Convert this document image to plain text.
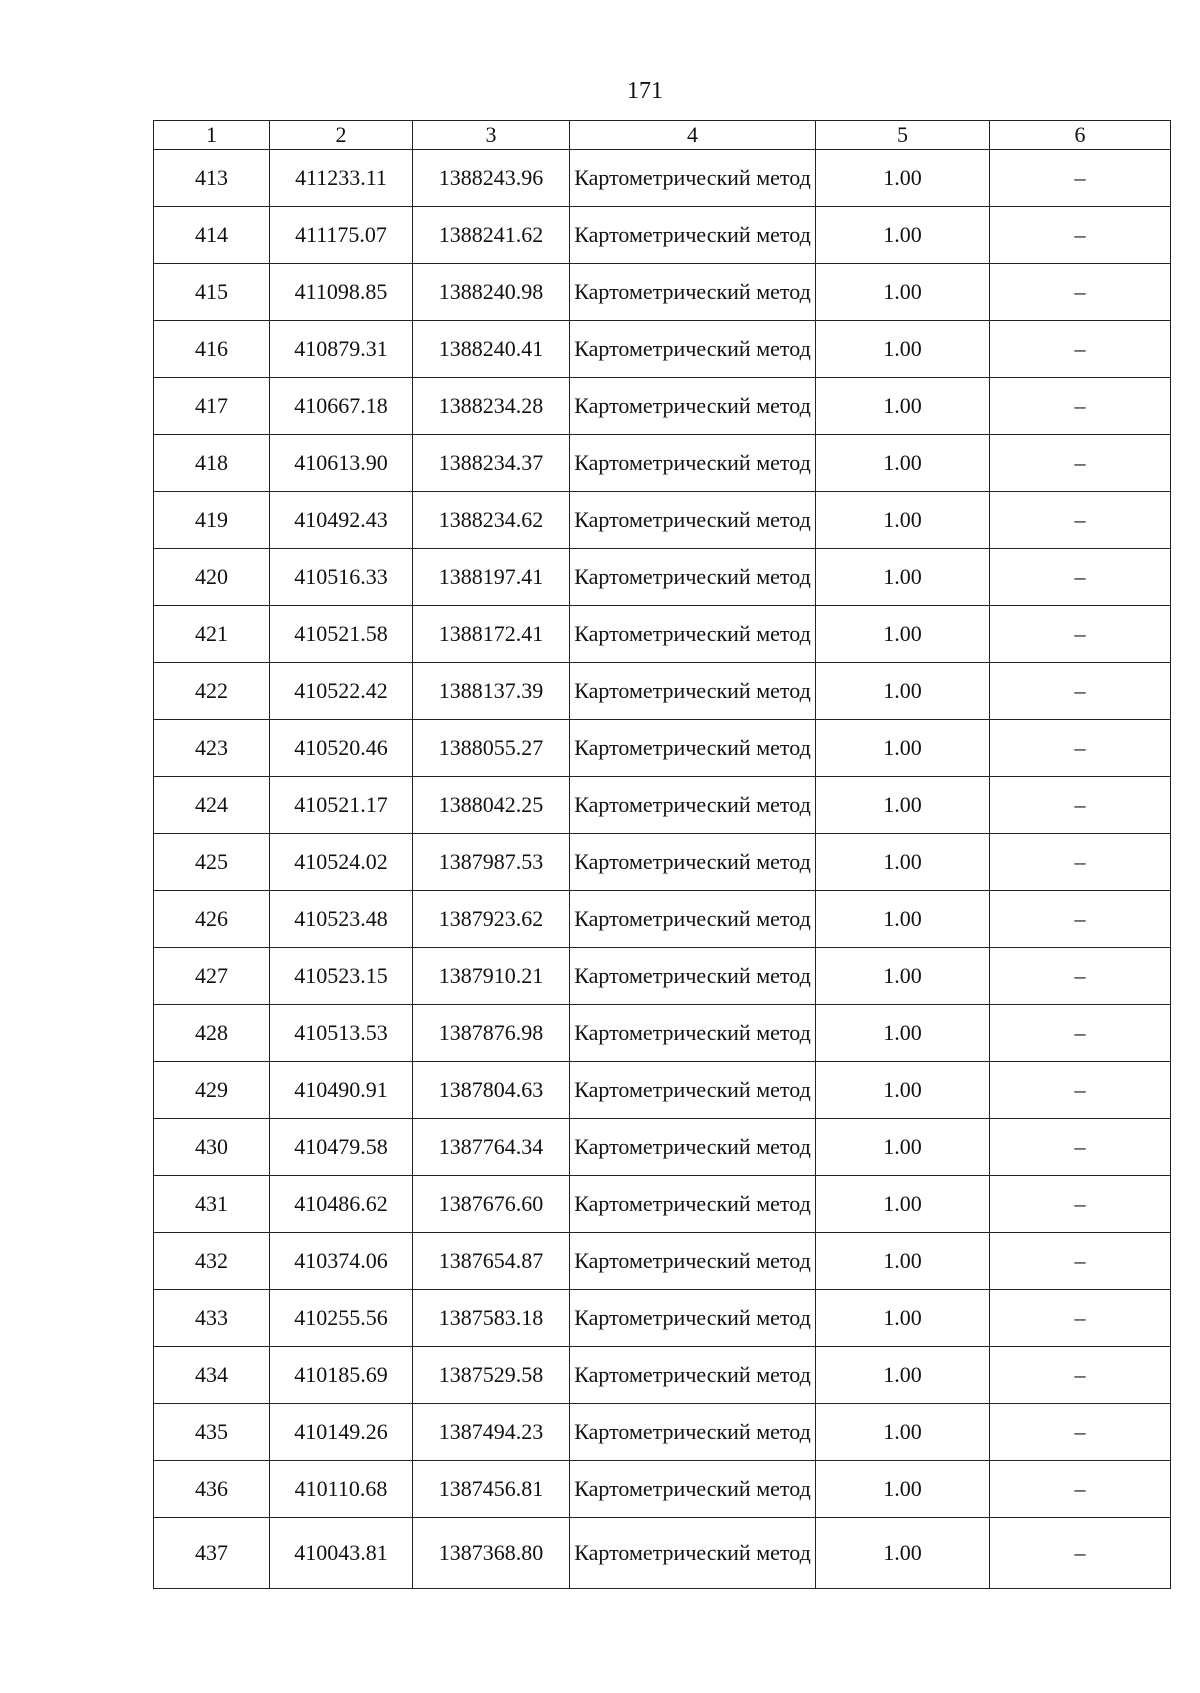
171
1	2	3	4	5	6
413	411233.11	1388243.96	Картометрический метод	1.00	–
414	411175.07	1388241.62	Картометрический метод	1.00	–
415	411098.85	1388240.98	Картометрический метод	1.00	–
416	410879.31	1388240.41	Картометрический метод	1.00	–
417	410667.18	1388234.28	Картометрический метод	1.00	–
418	410613.90	1388234.37	Картометрический метод	1.00	–
419	410492.43	1388234.62	Картометрический метод	1.00	–
420	410516.33	1388197.41	Картометрический метод	1.00	–
421	410521.58	1388172.41	Картометрический метод	1.00	–
422	410522.42	1388137.39	Картометрический метод	1.00	–
423	410520.46	1388055.27	Картометрический метод	1.00	–
424	410521.17	1388042.25	Картометрический метод	1.00	–
425	410524.02	1387987.53	Картометрический метод	1.00	–
426	410523.48	1387923.62	Картометрический метод	1.00	–
427	410523.15	1387910.21	Картометрический метод	1.00	–
428	410513.53	1387876.98	Картометрический метод	1.00	–
429	410490.91	1387804.63	Картометрический метод	1.00	–
430	410479.58	1387764.34	Картометрический метод	1.00	–
431	410486.62	1387676.60	Картометрический метод	1.00	–
432	410374.06	1387654.87	Картометрический метод	1.00	–
433	410255.56	1387583.18	Картометрический метод	1.00	–
434	410185.69	1387529.58	Картометрический метод	1.00	–
435	410149.26	1387494.23	Картометрический метод	1.00	–
436	410110.68	1387456.81	Картометрический метод	1.00	–
437	410043.81	1387368.80	Картометрический метод	1.00	–
